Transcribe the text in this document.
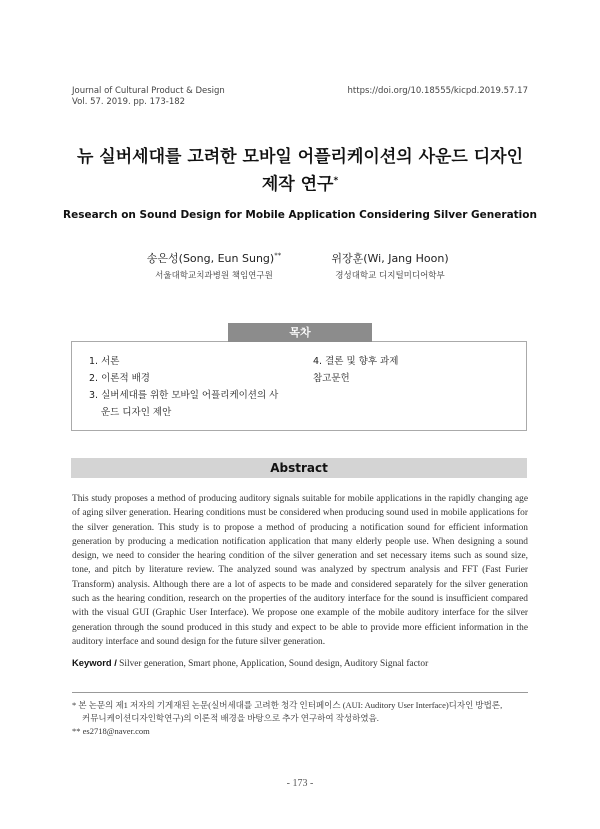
Journal of Cultural Product & Design
Vol. 57. 2019. pp. 173-182
https://doi.org/10.18555/kicpd.2019.57.17
뉴 실버세대를 고려한 모바일 어플리케이션의 사운드 디자인
제작 연구*
Research on Sound Design for Mobile Application Considering Silver Generation
송은성(Song, Eun Sung)**
서울대학교치과병원 책임연구원
위장훈(Wi, Jang Hoon)
경성대학교 디지털미디어학부
목차
1. 서론
2. 이론적 배경
3. 실버세대를 위한 모바일 어플리케이션의 사
운드 디자인 제안
4. 결론 및 향후 과제
참고문헌
Abstract
This study proposes a method of producing auditory signals suitable for mobile applications in the rapidly changing age of aging silver generation. Hearing conditions must be considered when producing sound used in mobile applications for the silver generation. This study is to propose a method of producing a notification sound for efficient information generation by producing a medication notification application that many elderly people use. When designing a sound design, we need to consider the hearing condition of the silver generation and set necessary items such as sound size, tone, and pitch by literature review. The analyzed sound was analyzed by spectrum analysis and FFT (Fast Furier Transform) analysis. Although there are a lot of aspects to be made and considered separately for the silver generation such as the hearing condition, research on the properties of the auditory interface for the sound is insufficient compared with the visual GUI (Graphic User Interface). We propose one example of the mobile auditory interface for the silver generation through the sound produced in this study and expect to be able to provide more efficient information in the auditory interface and sound design for the future silver generation.
Keyword / Silver generation, Smart phone, Application, Sound design, Auditory Signal factor
* 본 논문의 제1 저자의 기게재된 논문(실버세대를 고려한 청각 인터페이스 (AUI: Auditory User Interface)디자인 방법론,
커뮤니케이션디자인학연구)의 이론적 배경을 바탕으로 추가 연구하여 작성하였음.
** es2718@naver.com
- 173 -
